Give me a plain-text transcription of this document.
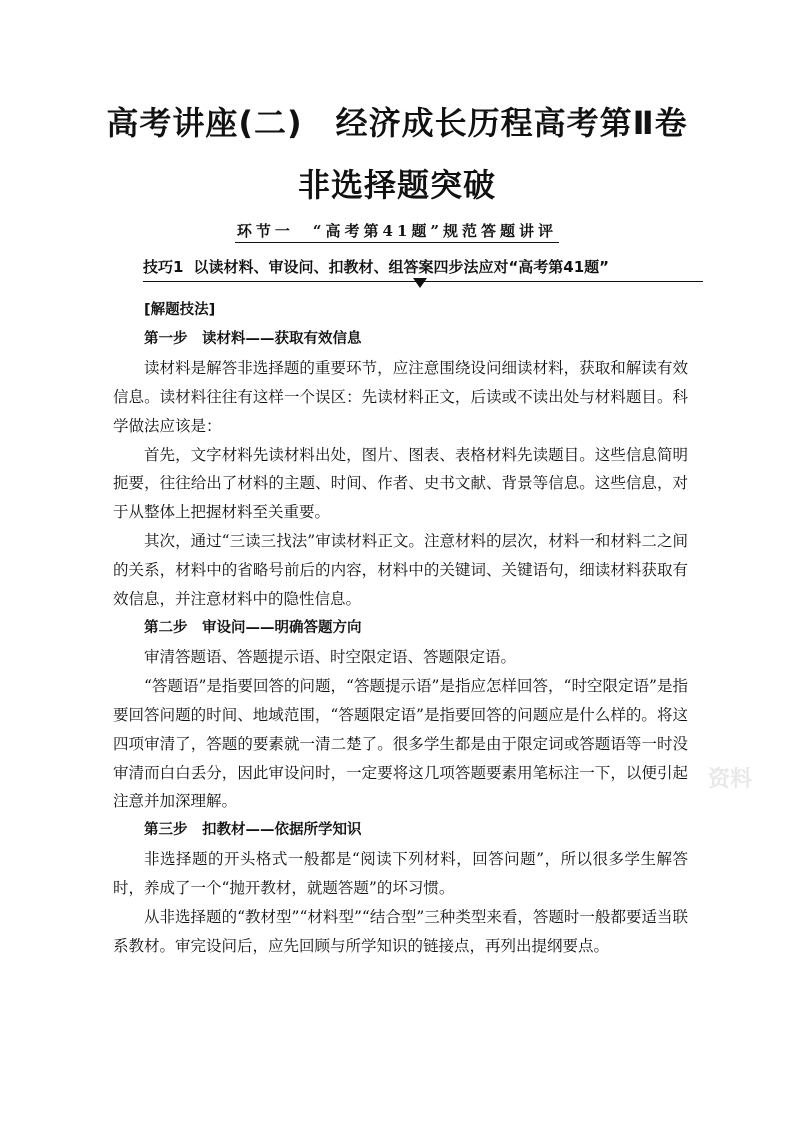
高考讲座(二)　经济成长历程高考第Ⅱ卷
非选择题突破
环节一　“高考第41题”规范答题讲评
技巧1 以读材料、审设问、扣教材、组答案四步法应对“高考第41题”

[解题技法]

第一步　读材料——获取有效信息

读材料是解答非选择题的重要环节，应注意围绕设问细读材料，获取和解读有效信息。读材料往往有这样一个误区：先读材料正文，后读或不读出处与材料题目。科学做法应该是：

首先，文字材料先读材料出处，图片、图表、表格材料先读题目。这些信息简明扼要，往往给出了材料的主题、时间、作者、史书文献、背景等信息。这些信息，对于从整体上把握材料至关重要。

其次，通过“三读三找法”审读材料正文。注意材料的层次，材料一和材料二之间的关系，材料中的省略号前后的内容，材料中的关键词、关键语句，细读材料获取有效信息，并注意材料中的隐性信息。

第二步　审设问——明确答题方向

审清答题语、答题提示语、时空限定语、答题限定语。

“答题语”是指要回答的问题，“答题提示语”是指应怎样回答，“时空限定语”是指要回答问题的时间、地域范围，“答题限定语”是指要回答的问题应是什么样的。将这四项审清了，答题的要素就一清二楚了。很多学生都是由于限定词或答题语等一时没审清而白白丢分，因此审设问时，一定要将这几项答题要素用笔标注一下，以便引起注意并加深理解。

第三步　扣教材——依据所学知识

非选择题的开头格式一般都是“阅读下列材料，回答问题”，所以很多学生解答时，养成了一个“抛开教材，就题答题”的坏习惯。

从非选择题的“教材型”“材料型”“结合型”三种类型来看，答题时一般都要适当联系教材。审完设问后，应先回顾与所学知识的链接点，再列出提纲要点。

资料
